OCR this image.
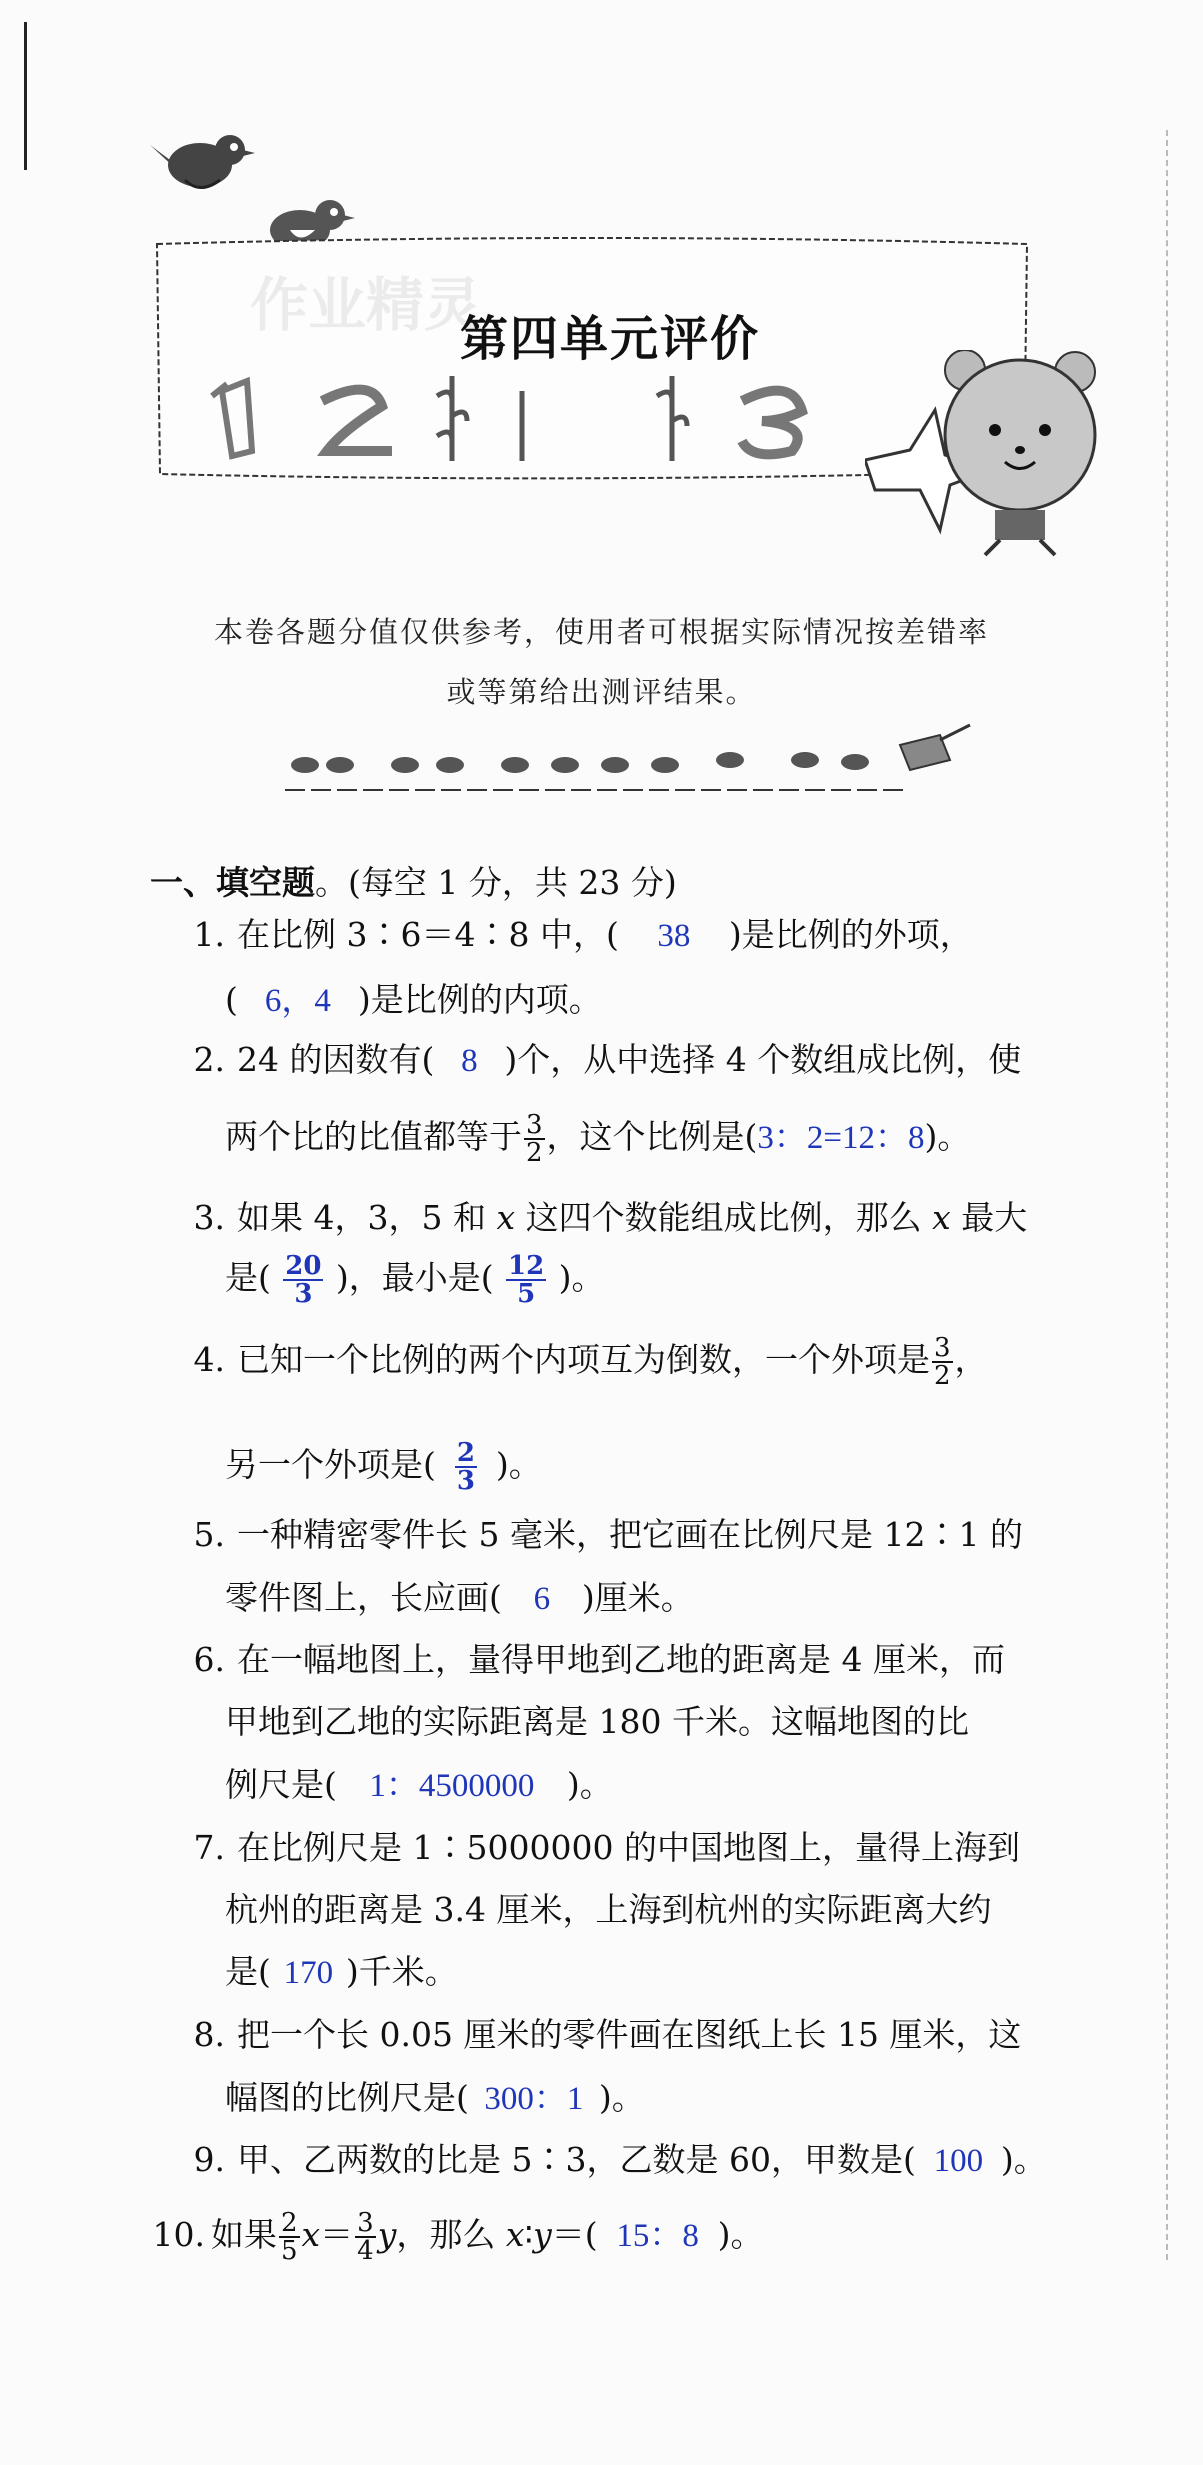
作业精灵
第四单元评价
本卷各题分值仅供参考，使用者可根据实际情况按差错率
或等第给出测评结果。
一、填空题。(每空 1 分，共 23 分)
1. 在比例 3∶6＝4∶8 中，( 38 )是比例的外项，
( 6，4 )是比例的内项。
2. 24 的因数有( 8 )个，从中选择 4 个数组成比例，使
两个比的比值都等于 $\frac{3}{2}$ ，这个比例是(3：2=12：8)。
3. 如果 4，3，5 和 x 这四个数能组成比例，那么 x 最大
是( $\frac{20}{3}$ )，最小是( $\frac{12}{5}$ )。
4. 已知一个比例的两个内项互为倒数，一个外项是 $\frac{3}{2}$ ，
另一个外项是( $\frac{2}{3}$ )。
5. 一种精密零件长 5 毫米，把它画在比例尺是 12∶1 的
零件图上，长应画( 6 )厘米。
6. 在一幅地图上，量得甲地到乙地的距离是 4 厘米，而
甲地到乙地的实际距离是 180 千米。这幅地图的比
例尺是( 1：4500000 )。
7. 在比例尺是 1∶5000000 的中国地图上，量得上海到
杭州的距离是 3.4 厘米，上海到杭州的实际距离大约
是( 170 )千米。
8. 把一个长 0.05 厘米的零件画在图纸上长 15 厘米，这
幅图的比例尺是( 300：1 )。
9. 甲、乙两数的比是 5∶3，乙数是 60，甲数是( 100 )。
10. 如果 $\frac{2}{5} x= \frac{3}{4}$ y，那么 x∶y＝( 15：8 )。
